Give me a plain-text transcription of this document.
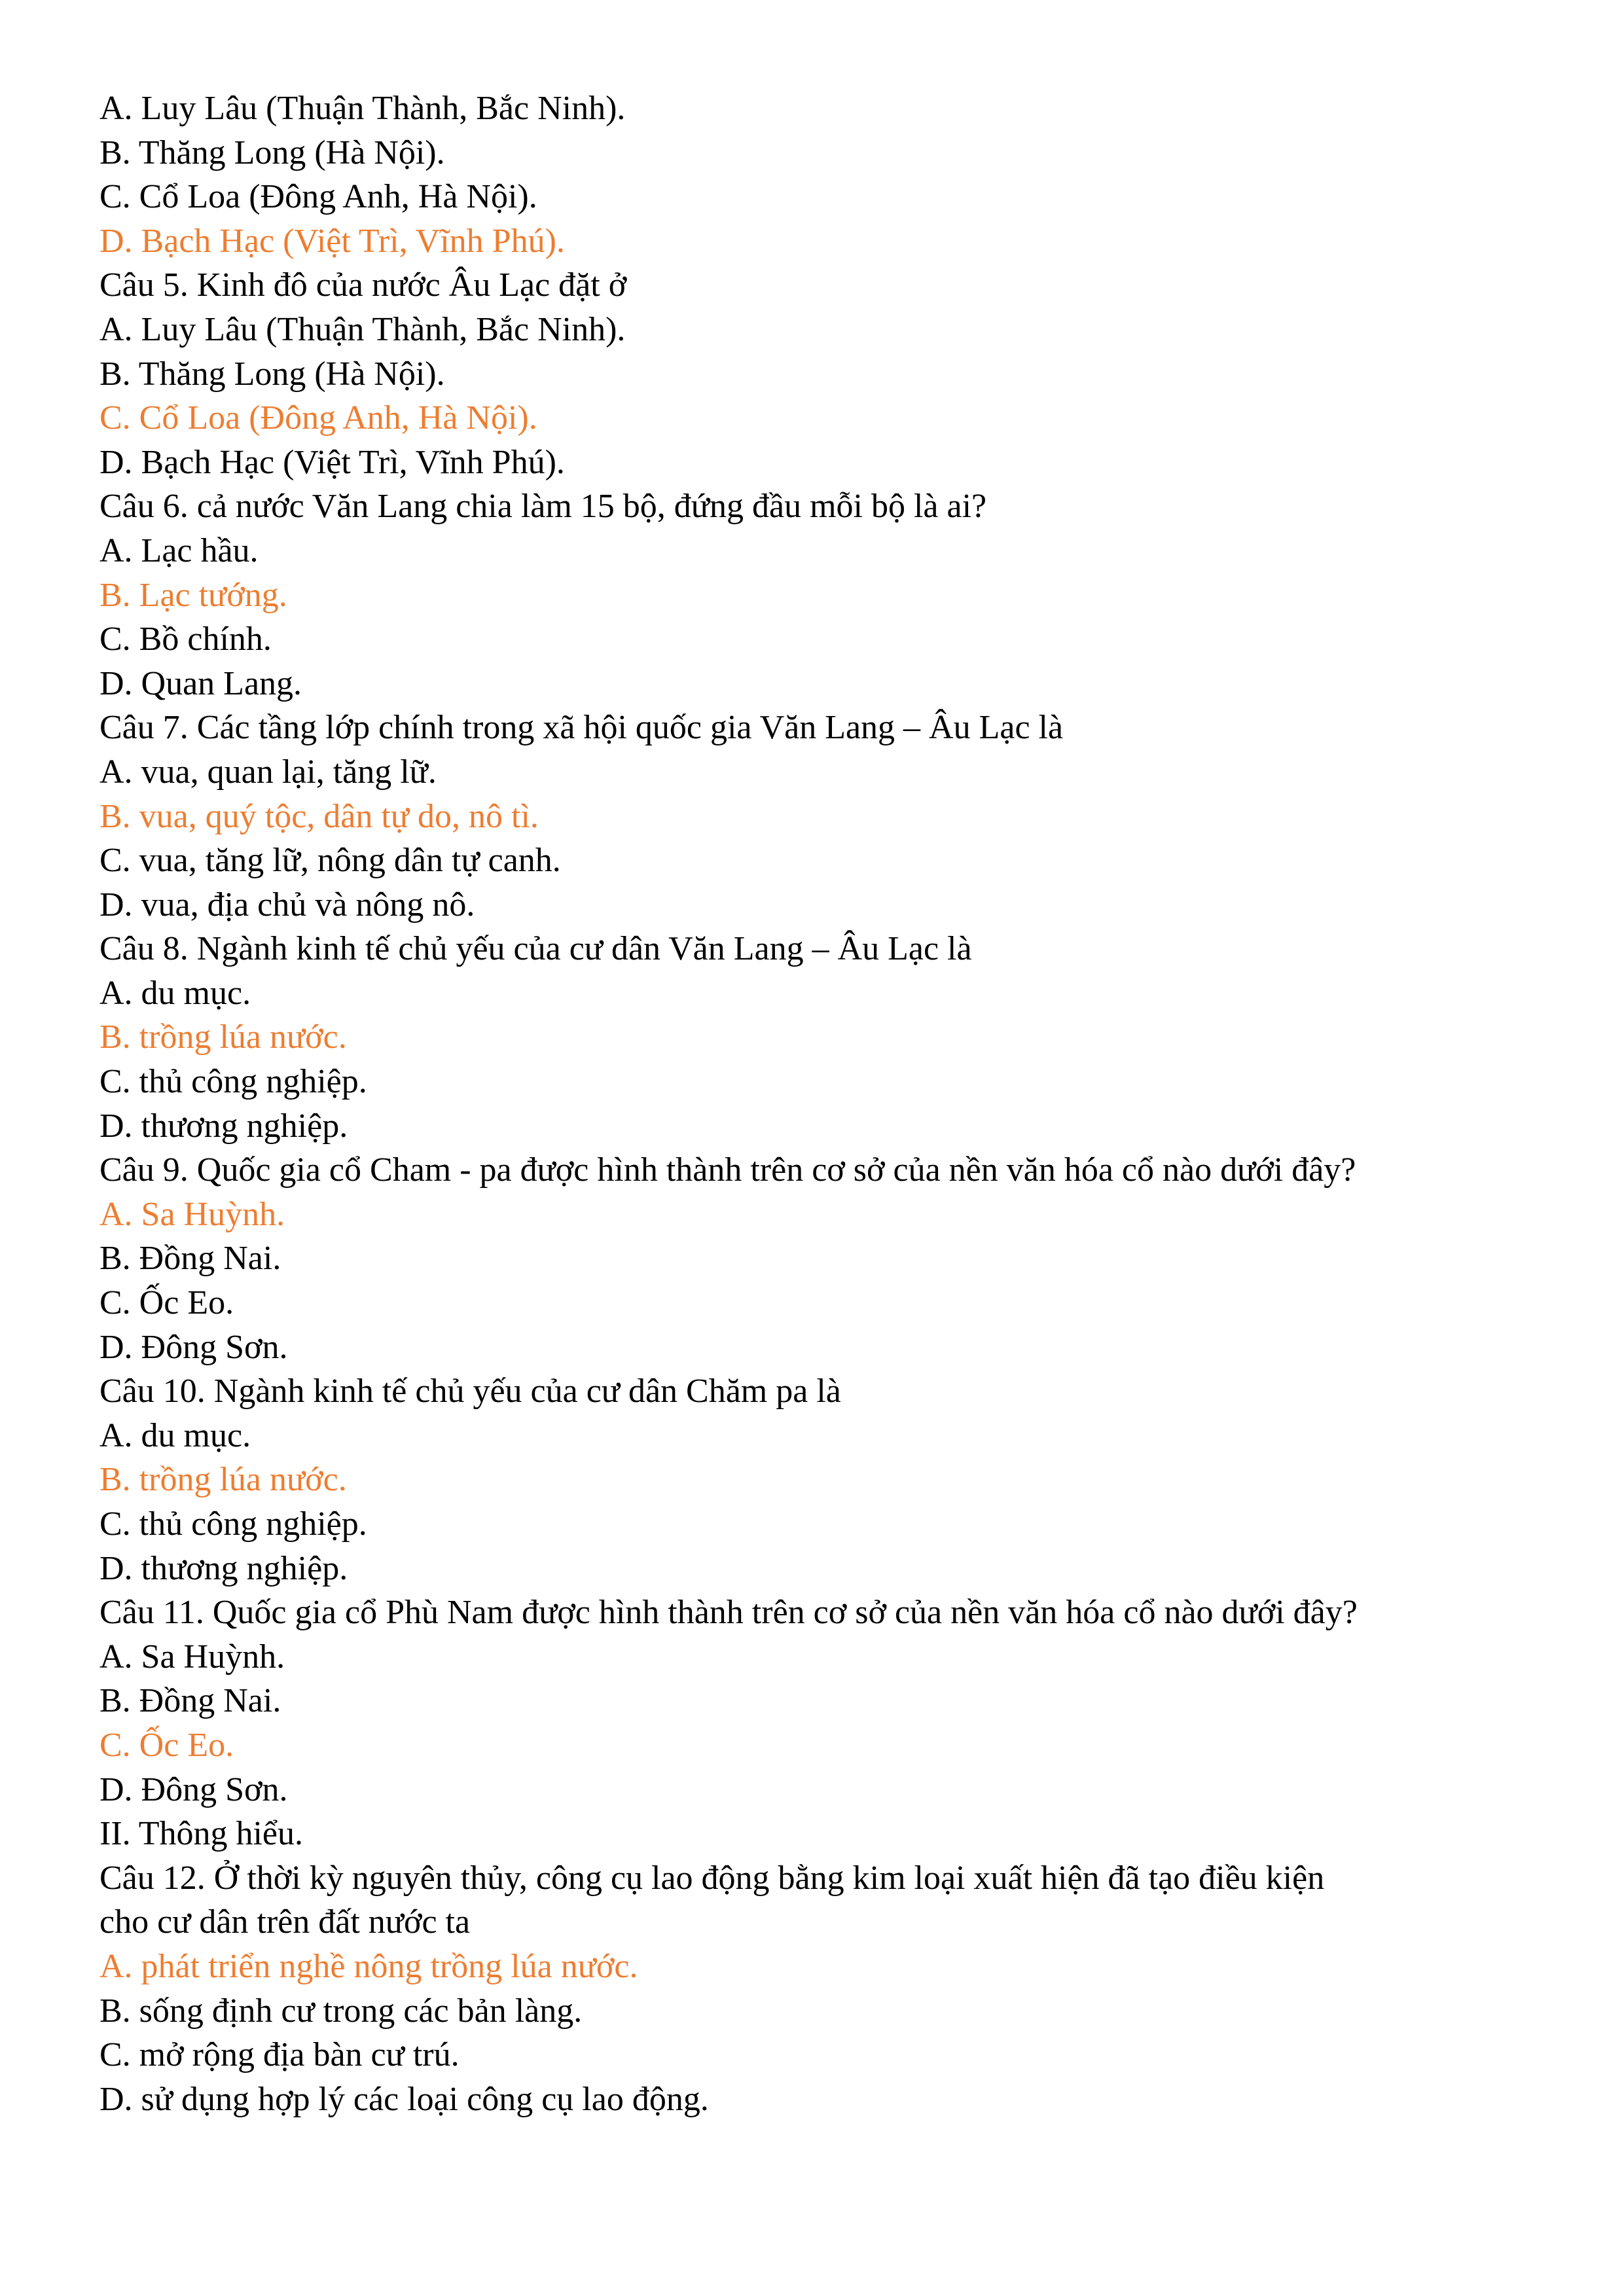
A. Luy Lâu (Thuận Thành, Bắc Ninh).
B. Thăng Long (Hà Nội).
C. Cổ Loa (Đông Anh, Hà Nội).
D. Bạch Hạc (Việt Trì, Vĩnh Phú).
Câu 5. Kinh đô của nước Âu Lạc đặt ở
A. Luy Lâu (Thuận Thành, Bắc Ninh).
B. Thăng Long (Hà Nội).
C. Cổ Loa (Đông Anh, Hà Nội).
D. Bạch Hạc (Việt Trì, Vĩnh Phú).
Câu 6. cả nước Văn Lang chia làm 15 bộ, đứng đầu mỗi bộ là ai?
A. Lạc hầu.
B. Lạc tướng.
C. Bồ chính.
D. Quan Lang.
Câu 7. Các tầng lớp chính trong xã hội quốc gia Văn Lang – Âu Lạc là
A. vua, quan lại, tăng lữ.
B. vua, quý tộc, dân tự do, nô tì.
C. vua, tăng lữ, nông dân tự canh.
D. vua, địa chủ và nông nô.
Câu 8. Ngành kinh tế chủ yếu của cư dân Văn Lang – Âu Lạc là
A. du mục.
B. trồng lúa nước.
C. thủ công nghiệp.
D. thương nghiệp.
Câu 9. Quốc gia cổ Cham - pa được hình thành trên cơ sở của nền văn hóa cổ nào dưới đây?
A. Sa Huỳnh.
B. Đồng Nai.
C. Ốc Eo.
D. Đông Sơn.
Câu 10. Ngành kinh tế chủ yếu của cư dân Chăm pa là
A. du mục.
B. trồng lúa nước.
C. thủ công nghiệp.
D. thương nghiệp.
Câu 11. Quốc gia cổ Phù Nam được hình thành trên cơ sở của nền văn hóa cổ nào dưới đây?
A. Sa Huỳnh.
B. Đồng Nai.
C. Ốc Eo.
D. Đông Sơn.
II. Thông hiểu.
Câu 12. Ở thời kỳ nguyên thủy, công cụ lao động bằng kim loại xuất hiện đã tạo điều kiện
cho cư dân trên đất nước ta
A. phát triển nghề nông trồng lúa nước.
B. sống định cư trong các bản làng.
C. mở rộng địa bàn cư trú.
D. sử dụng hợp lý các loại công cụ lao động.
